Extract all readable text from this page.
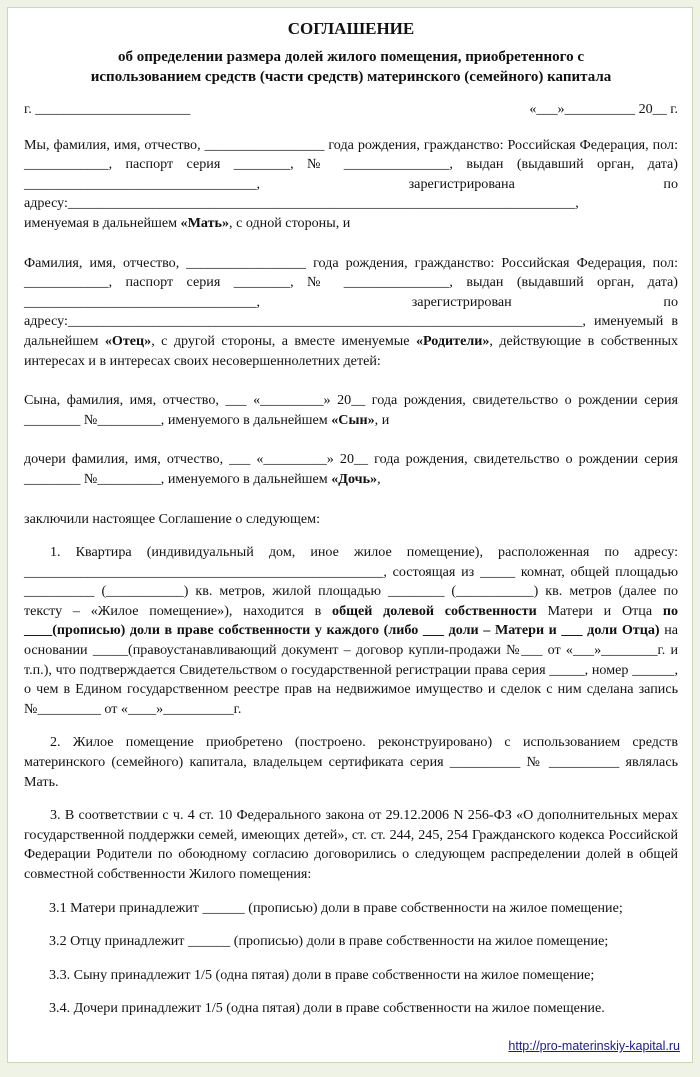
СОГЛАШЕНИЕ
об определении размера долей жилого помещения, приобретенного с
использованием средств (части средств) материнского (семейного) капитала
г. ______________________	«___»__________ 20__ г.

Мы, фамилия, имя, отчество, _________________ года рождения, гражданство: Российская Федерация, пол: ____________, паспорт серия ________, № _______________, выдан (выдавший орган, дата) _________________________________, зарегистрирована по адресу:________________________________________________________________________,

именуемая в дальнейшем «Мать», с одной стороны, и

Фамилия, имя, отчество, _________________ года рождения, гражданство: Российская Федерация, пол: ____________, паспорт серия ________, № _______________, выдан (выдавший орган, дата) _________________________________, зарегистрирован по адресу:_________________________________________________________________________, именуемый в дальнейшем «Отец», с другой стороны, а вместе именуемые «Родители», действующие в собственных интересах и в интересах своих несовершеннолетних детей:

Сына, фамилия, имя, отчество, ___ «_________» 20__ года рождения, свидетельство о рождении серия ________ №_________, именуемого в дальнейшем «Сын», и

дочери фамилия, имя, отчество, ___ «_________» 20__ года рождения, свидетельство о рождении серия ________ №_________, именуемого в дальнейшем «Дочь»,

заключили настоящее Соглашение о следующем:

1. Квартира (индивидуальный дом, иное жилое помещение), расположенная по адресу: ___________________________________________________, состоящая из _____ комнат, общей площадью __________ (___________) кв. метров, жилой площадью ________ (___________) кв. метров (далее по тексту – «Жилое помещение»), находится в общей долевой собственности Матери и Отца по ____(прописью) доли в праве собственности у каждого (либо ___ доли – Матери и ___ доли Отца) на основании _____(правоустанавливающий документ – договор купли-продажи №___ от «___»________г. и т.п.), что подтверждается Свидетельством о государственной регистрации права серия _____, номер ______, о чем в Едином государственном реестре прав на недвижимое имущество и сделок с ним сделана запись №_________ от «____»__________г.

2. Жилое помещение приобретено (построено. реконструировано) с использованием средств материнского (семейного) капитала, владельцем сертификата серия __________ № __________ являлась Мать.

3. В соответствии с ч. 4 ст. 10 Федерального закона от 29.12.2006 N 256-ФЗ «О дополнительных мерах государственной поддержки семей, имеющих детей», ст. ст. 244, 245, 254 Гражданского кодекса Российской Федерации Родители по обоюдному согласию договорились о следующем распределении долей в общей совместной собственности Жилого помещения:

3.1 Матери принадлежит ______ (прописью) доли в праве собственности на жилое помещение;

3.2 Отцу принадлежит ______ (прописью) доли в праве собственности на жилое помещение;

3.3. Сыну принадлежит 1/5 (одна пятая) доли в праве собственности на жилое помещение;

3.4. Дочери принадлежит 1/5 (одна пятая) доли в праве собственности на жилое помещение.

http://pro-materinskiy-kapital.ru
